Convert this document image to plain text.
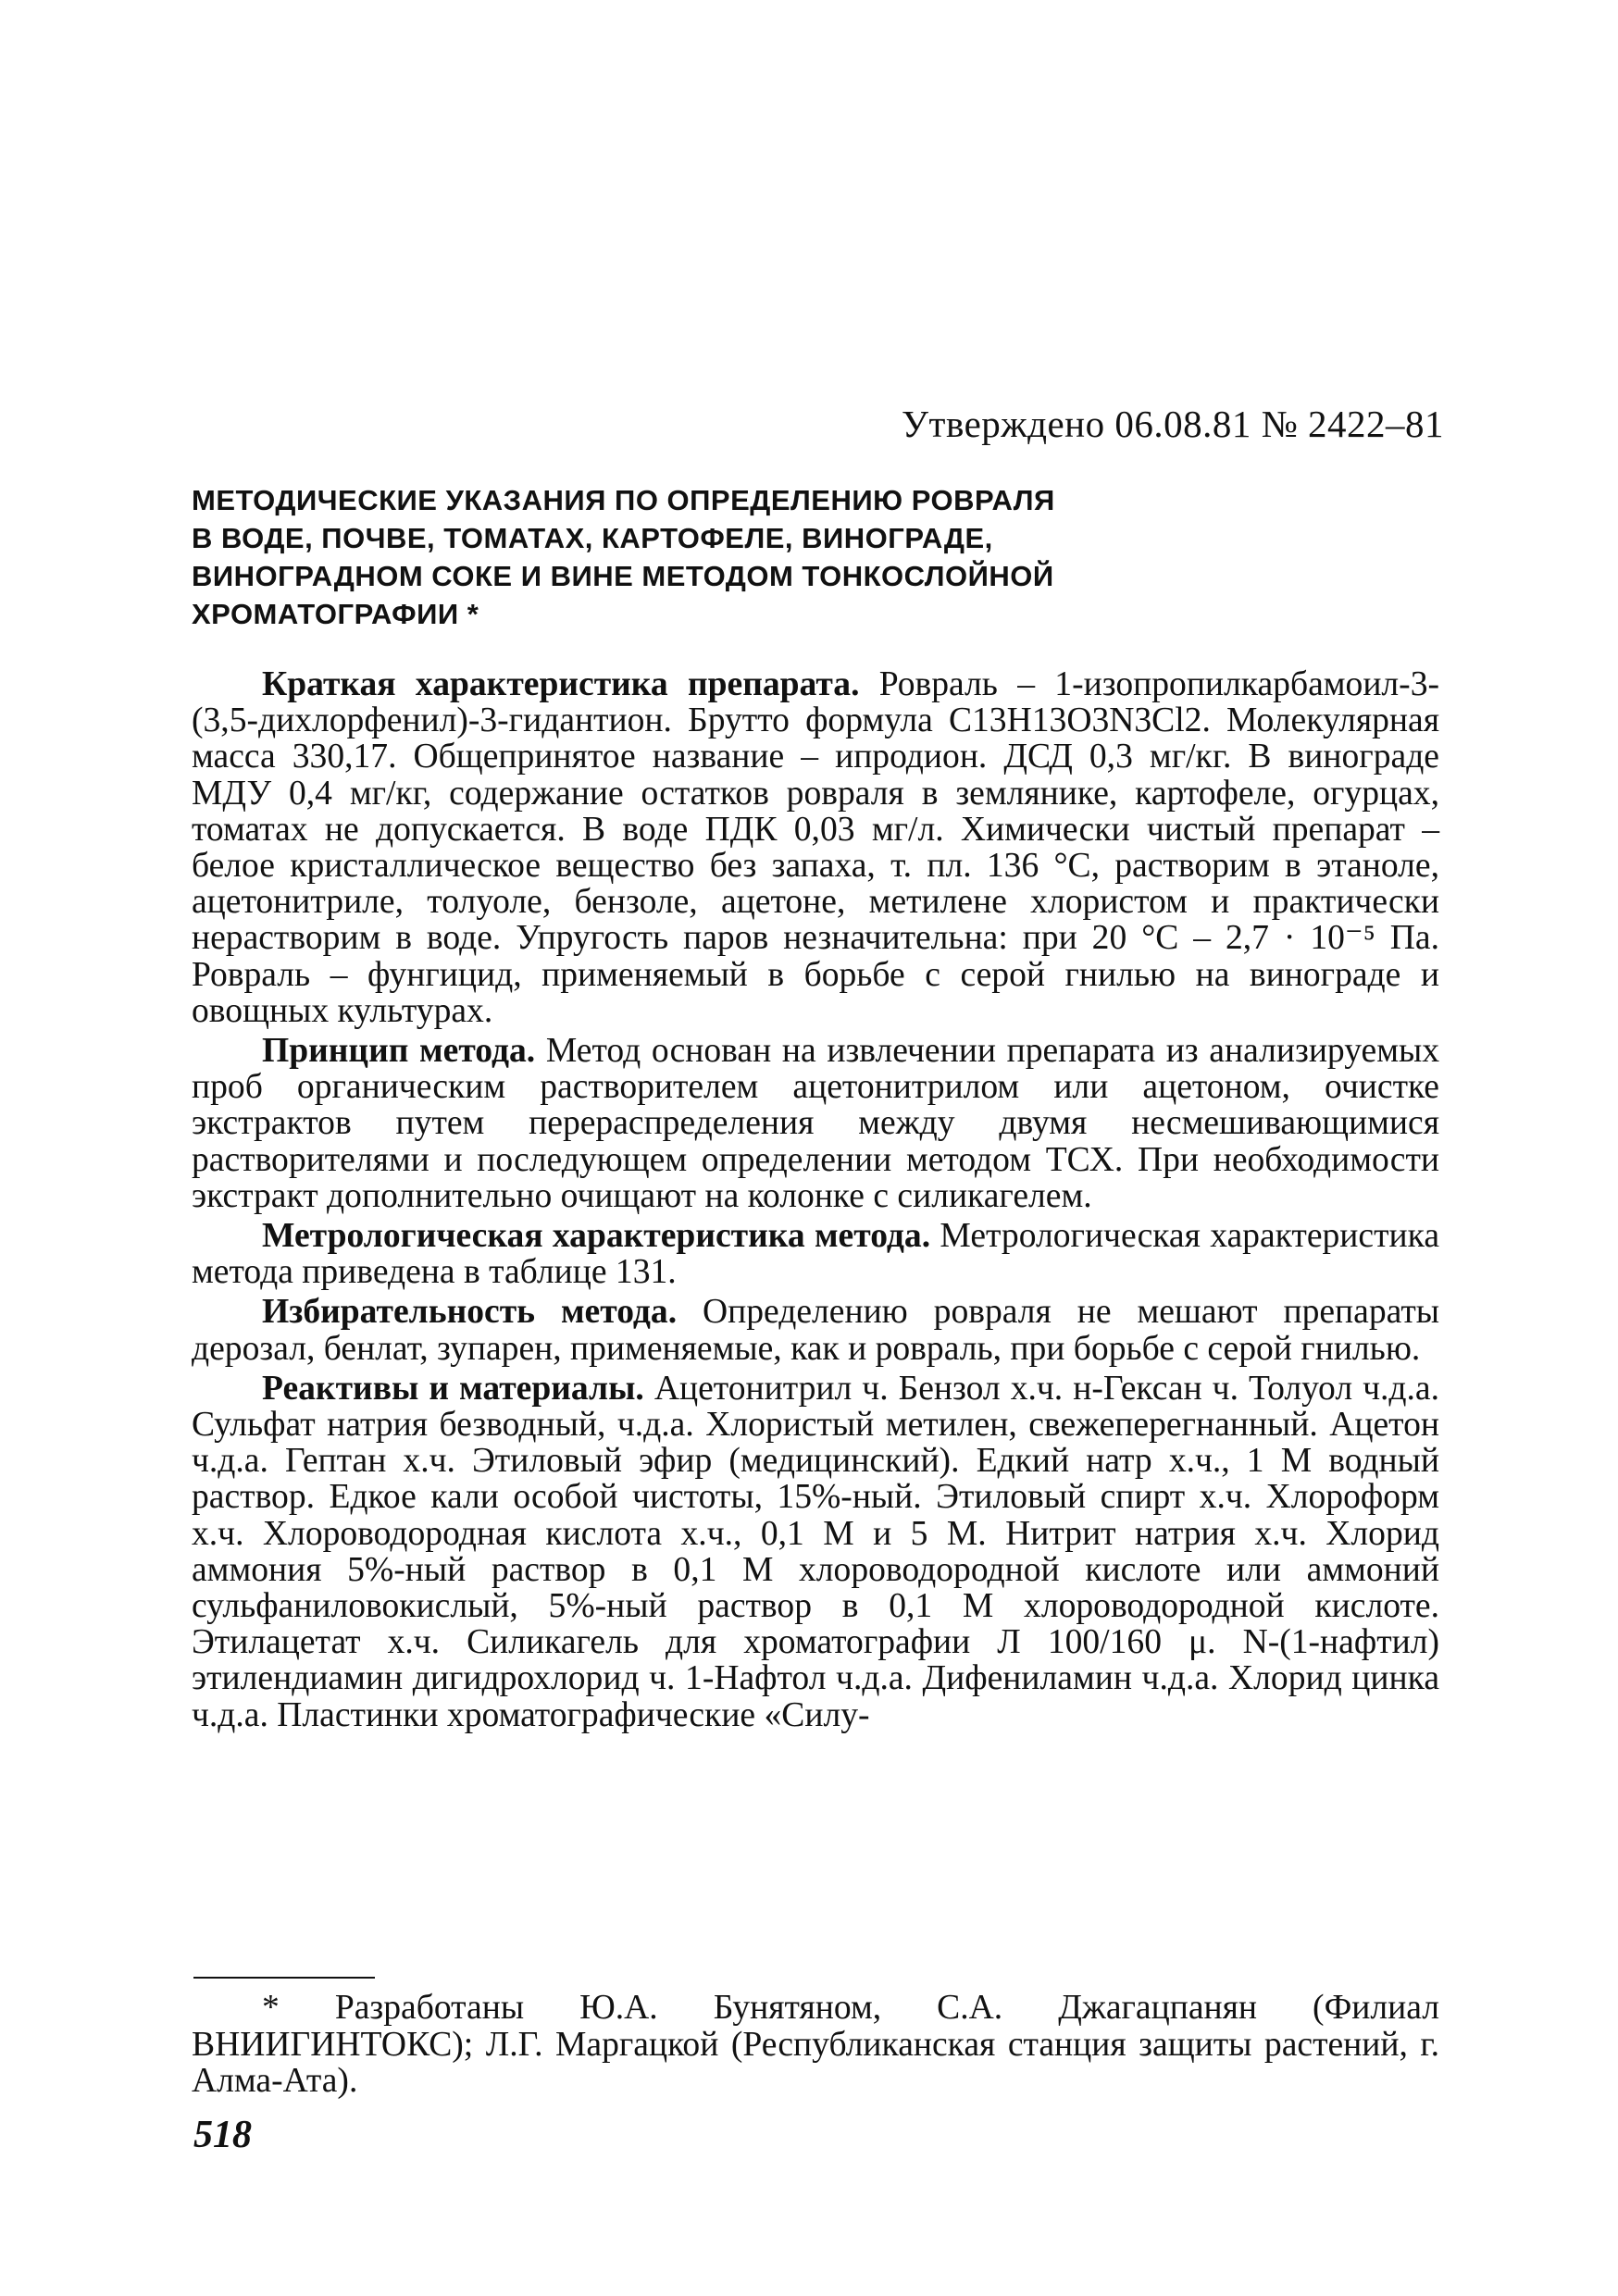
Утверждено 06.08.81 № 2422–81
МЕТОДИЧЕСКИЕ УКАЗАНИЯ ПО ОПРЕДЕЛЕНИЮ РОВРАЛЯ
В ВОДЕ, ПОЧВЕ, ТОМАТАХ, КАРТОФЕЛЕ, ВИНОГРАДЕ,
ВИНОГРАДНОМ СОКЕ И ВИНЕ МЕТОДОМ ТОНКОСЛОЙНОЙ
ХРОМАТОГРАФИИ *

Краткая характеристика препарата. Ровраль – 1-изопропилкарбамоил-3-(3,5-дихлорфенил)-3-гидантион. Брутто формула C13H13O3N3Cl2. Молекулярная масса 330,17. Общепринятое название – ипродион. ДСД 0,3 мг/кг. В винограде МДУ 0,4 мг/кг, содержание остатков ровраля в землянике, картофеле, огурцах, томатах не допускается. В воде ПДК 0,03 мг/л. Химически чистый препарат – белое кристаллическое вещество без запаха, т. пл. 136 °С, растворим в этаноле, ацетонитриле, толуоле, бензоле, ацетоне, метилене хлористом и практически нерастворим в воде. Упругость паров незначительна: при 20 °С – 2,7 · 10⁻⁵ Па. Ровраль – фунгицид, применяемый в борьбе с серой гнилью на винограде и овощных культурах.

Принцип метода. Метод основан на извлечении препарата из анализируемых проб органическим растворителем ацетонитрилом или ацетоном, очистке экстрактов путем перераспределения между двумя несмешивающимися растворителями и последующем определении методом ТСХ. При необходимости экстракт дополнительно очищают на колонке с силикагелем.

Метрологическая характеристика метода. Метрологическая характеристика метода приведена в таблице 131.

Избирательность метода. Определению ровраля не мешают препараты дерозал, бенлат, зупарен, применяемые, как и ровраль, при борьбе с серой гнилью.

Реактивы и материалы. Ацетонитрил ч. Бензол х.ч. н-Гексан ч. Толуол ч.д.а. Сульфат натрия безводный, ч.д.а. Хлористый метилен, свежеперегнанный. Ацетон ч.д.а. Гептан х.ч. Этиловый эфир (медицинский). Едкий натр х.ч., 1 М водный раствор. Едкое кали особой чистоты, 15%-ный. Этиловый спирт х.ч. Хлороформ х.ч. Хлороводородная кислота х.ч., 0,1 М и 5 М. Нитрит натрия х.ч. Хлорид аммония 5%-ный раствор в 0,1 М хлороводородной кислоте или аммоний сульфаниловокислый, 5%-ный раствор в 0,1 М хлороводородной кислоте. Этилацетат х.ч. Силикагель для хроматографии Л 100/160 μ. N-(1-нафтил) этилендиамин дигидрохлорид ч. 1-Нафтол ч.д.а. Дифениламин ч.д.а. Хлорид цинка ч.д.а. Пластинки хроматографические «Силу-

* Разработаны Ю.А. Бунятяном, С.А. Джагацпанян (Филиал ВНИИГИНТОКС); Л.Г. Маргацкой (Республиканская станция защиты растений, г. Алма-Ата).
518
